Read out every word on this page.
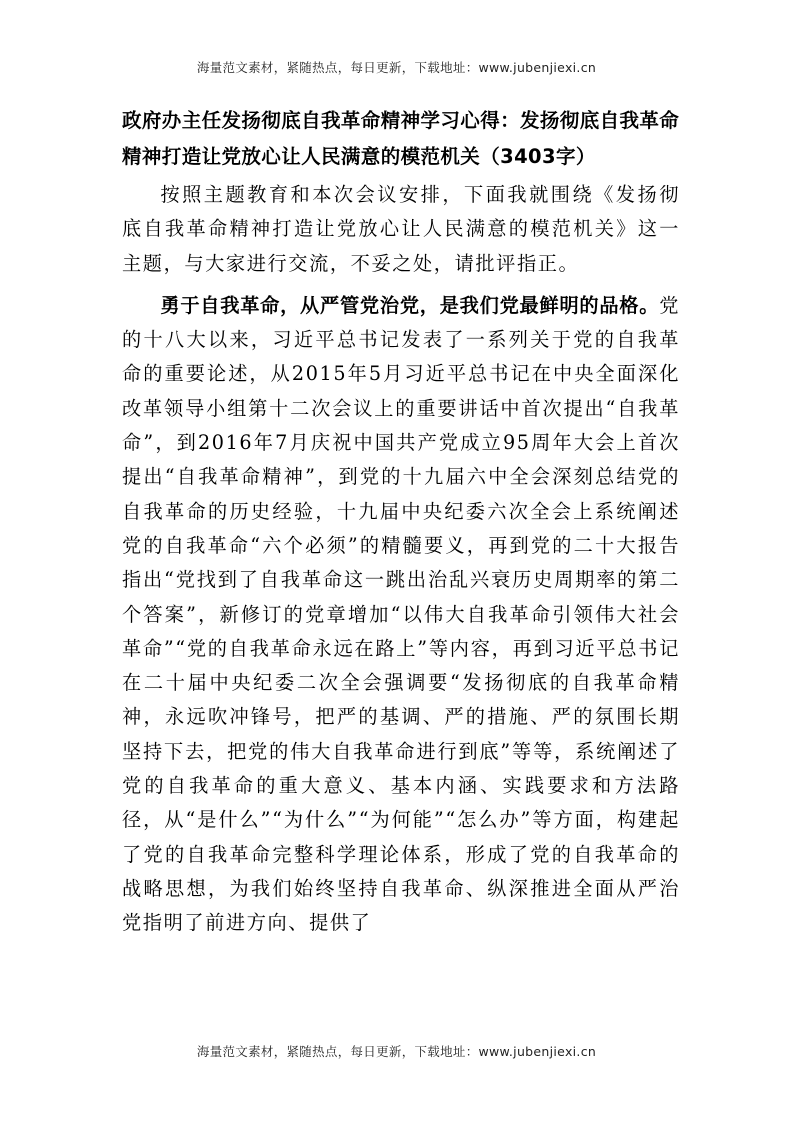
海量范文素材，紧随热点，每日更新，下载地址：www.jubenjiexi.cn
政府办主任发扬彻底自我革命精神学习心得：发扬彻底自我革命精神打造让党放心让人民满意的模范机关（3403字）

按照主题教育和本次会议安排，下面我就围绕《发扬彻底自我革命精神打造让党放心让人民满意的模范机关》这一主题，与大家进行交流，不妥之处，请批评指正。

勇于自我革命，从严管党治党，是我们党最鲜明的品格。党的十八大以来，习近平总书记发表了一系列关于党的自我革命的重要论述，从2015年5月习近平总书记在中央全面深化改革领导小组第十二次会议上的重要讲话中首次提出“自我革命”，到2016年7月庆祝中国共产党成立95周年大会上首次提出“自我革命精神”，到党的十九届六中全会深刻总结党的自我革命的历史经验，十九届中央纪委六次全会上系统阐述党的自我革命“六个必须”的精髓要义，再到党的二十大报告指出“党找到了自我革命这一跳出治乱兴衰历史周期率的第二个答案”，新修订的党章增加“以伟大自我革命引领伟大社会革命”“党的自我革命永远在路上”等内容，再到习近平总书记在二十届中央纪委二次全会强调要“发扬彻底的自我革命精神，永远吹冲锋号，把严的基调、严的措施、严的氛围长期坚持下去，把党的伟大自我革命进行到底”等等，系统阐述了党的自我革命的重大意义、基本内涵、实践要求和方法路径，从“是什么”“为什么”“为何能”“怎么办”等方面，构建起了党的自我革命完整科学理论体系，形成了党的自我革命的战略思想，为我们始终坚持自我革命、纵深推进全面从严治党指明了前进方向、提供了

海量范文素材，紧随热点，每日更新，下载地址：www.jubenjiexi.cn
